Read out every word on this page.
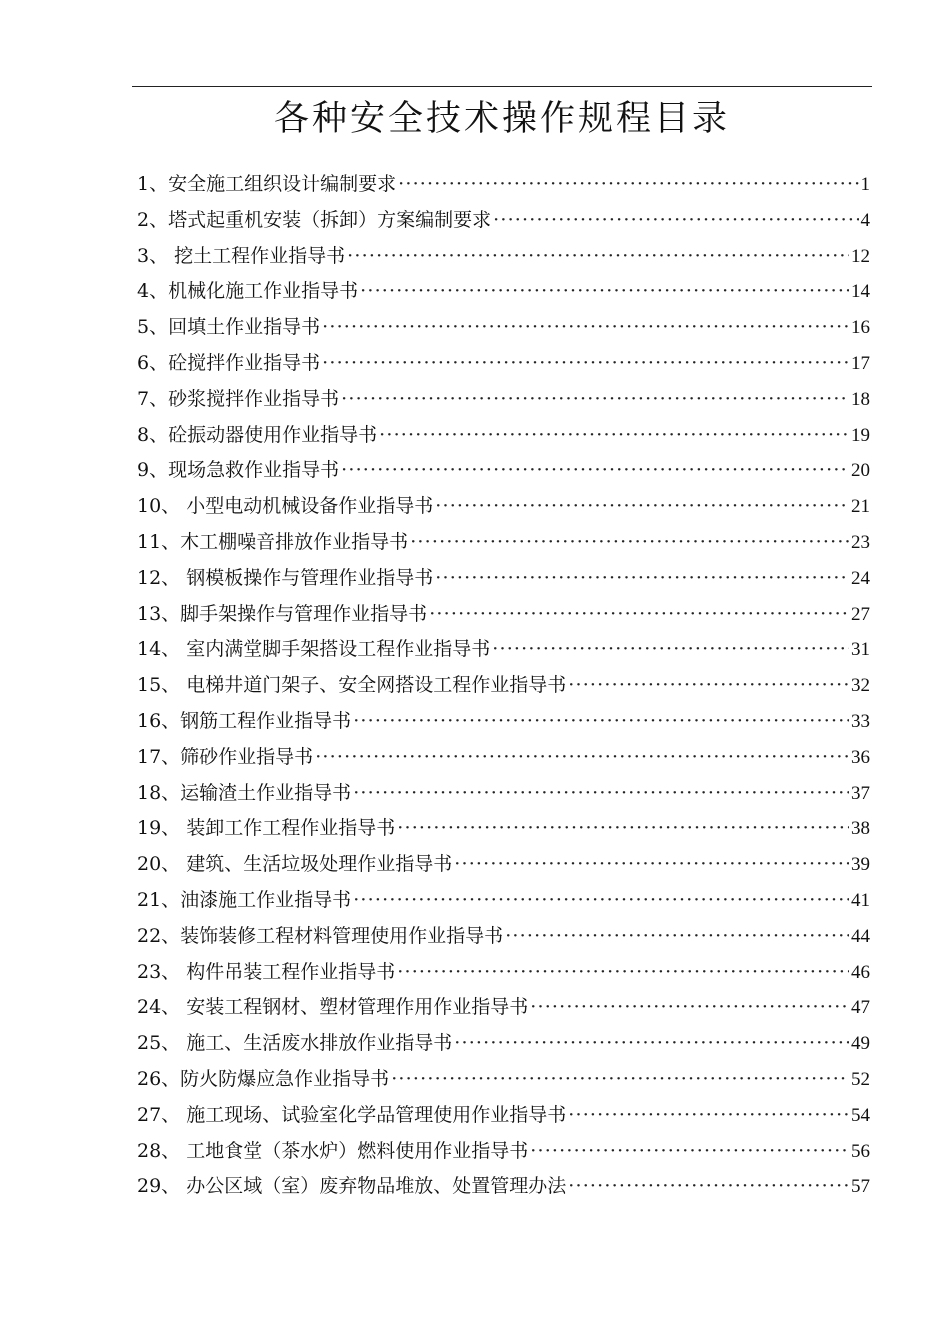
各种安全技术操作规程目录
1、安全施工组织设计编制要求 ·····	1
2、塔式起重机安装（拆卸）方案编制要求 ·····	4
3、 挖土工程作业指导书 ·····	12
4、机械化施工作业指导书 ·····	14
5、回填土作业指导书 ·····	16
6、砼搅拌作业指导书 ·····	17
7、砂浆搅拌作业指导书 ·····	18
8、砼振动器使用作业指导书 ·····	19
9、现场急救作业指导书 ·····	20
10、 小型电动机械设备作业指导书 ·····	21
11、木工棚噪音排放作业指导书 ·····	23
12、 钢模板操作与管理作业指导书 ·····	24
13、脚手架操作与管理作业指导书 ·····	27
14、 室内满堂脚手架搭设工程作业指导书 ·····	31
15、 电梯井道门架子、安全网搭设工程作业指导书 ·····	32
16、钢筋工程作业指导书 ·····	33
17、筛砂作业指导书 ·····	36
18、运输渣土作业指导书 ·····	37
19、 装卸工作工程作业指导书 ·····	38
20、 建筑、生活垃圾处理作业指导书 ·····	39
21、油漆施工作业指导书 ·····	41
22、装饰装修工程材料管理使用作业指导书 ·····	44
23、 构件吊装工程作业指导书 ·····	46
24、 安装工程钢材、塑材管理作用作业指导书 ·····	47
25、 施工、生活废水排放作业指导书 ·····	49
26、防火防爆应急作业指导书 ·····	52
27、 施工现场、试验室化学品管理使用作业指导书 ·····	54
28、 工地食堂（茶水炉）燃料使用作业指导书 ·····	56
29、 办公区域（室）废弃物品堆放、处置管理办法 ·····	57
